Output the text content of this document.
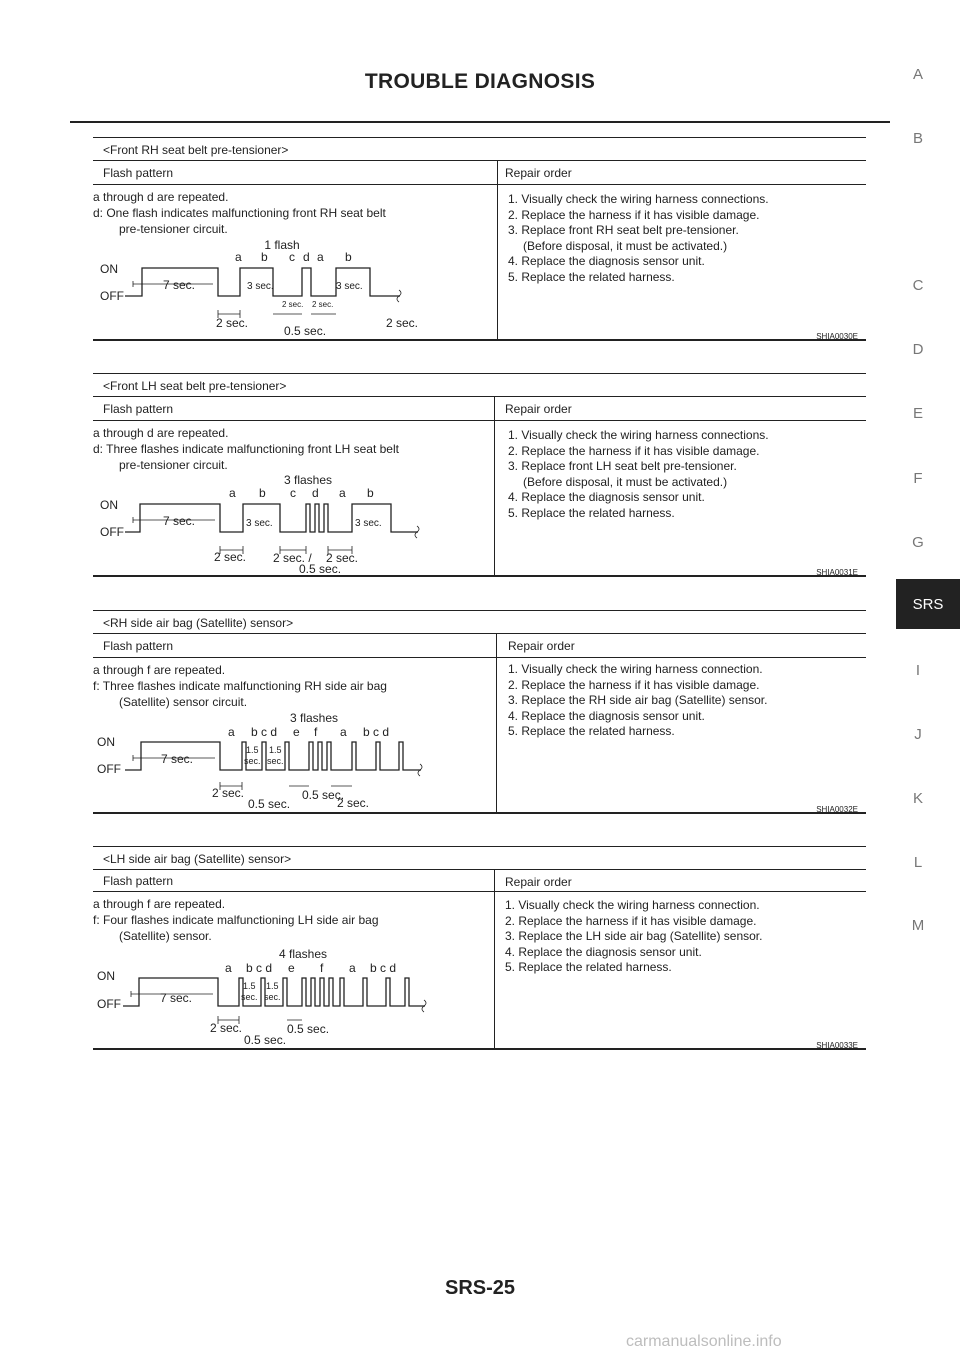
TROUBLE DIAGNOSIS	A
B
C
D
E
F
G
SRS
I
J
K
L
M
<Front RH seat belt pre-tensioner>
Flash pattern	Repair order
a through d are repeated.
d: One flash indicates malfunctioning front RH seat belt
pre-tensioner circuit.
1. Visually check the wiring harness connections.
2. Replace the harness if it has visible damage.
3. Replace front RH seat belt pre-tensioner.
(Before disposal, it must be activated.)
4. Replace the diagnosis sensor unit.
5. Replace the related harness.
1 flash
a b c d a b
ON
OFF
7 sec.	3 sec.	3 sec.
2 sec. 2 sec.
2 sec.
0.5 sec.
2 sec.
SHIA0030E
<Front LH seat belt pre-tensioner>
Flash pattern	Repair order
a through d are repeated.
d: Three flashes indicate malfunctioning front LH seat belt
pre-tensioner circuit.
1. Visually check the wiring harness connections.
2. Replace the harness if it has visible damage.
3. Replace front LH seat belt pre-tensioner.
(Before disposal, it must be activated.)
4. Replace the diagnosis sensor unit.
5. Replace the related harness.
3 flashes
a b c d a b
ON
OFF
7 sec.	3 sec.	3 sec.
2 sec. 2 sec. / 2 sec.
0.5 sec.	SHIA0031E
<RH side air bag (Satellite) sensor>
Flash pattern	Repair order
a through f are repeated.
f: Three flashes indicate malfunctioning RH side air bag
(Satellite) sensor circuit.
1. Visually check the wiring harness connection.
2. Replace the harness if it has visible damage.
3. Replace the RH side air bag (Satellite) sensor.
4. Replace the diagnosis sensor unit.
5. Replace the related harness.
3 flashes
a b c d e f a b c d
ON
OFF
7 sec.
1.5
sec.
1.5
sec.
2 sec.
0.5 sec.
0.5 sec.
2 sec.	SHIA0032E
<LH side air bag (Satellite) sensor>
Flash pattern	Repair order
a through f are repeated.
f: Four flashes indicate malfunctioning LH side air bag
(Satellite) sensor.
1. Visually check the wiring harness connection.
2. Replace the harness if it has visible damage.
3. Replace the LH side air bag (Satellite) sensor.
4. Replace the diagnosis sensor unit.
5. Replace the related harness.
4 flashes
a b c d e f a b c d
ON
OFF	7 sec.
1.5
sec.
1.5
sec.
2 sec.
0.5 sec.
0.5 sec.
SHIA0033E
SRS-25
carmanualsonline.info
